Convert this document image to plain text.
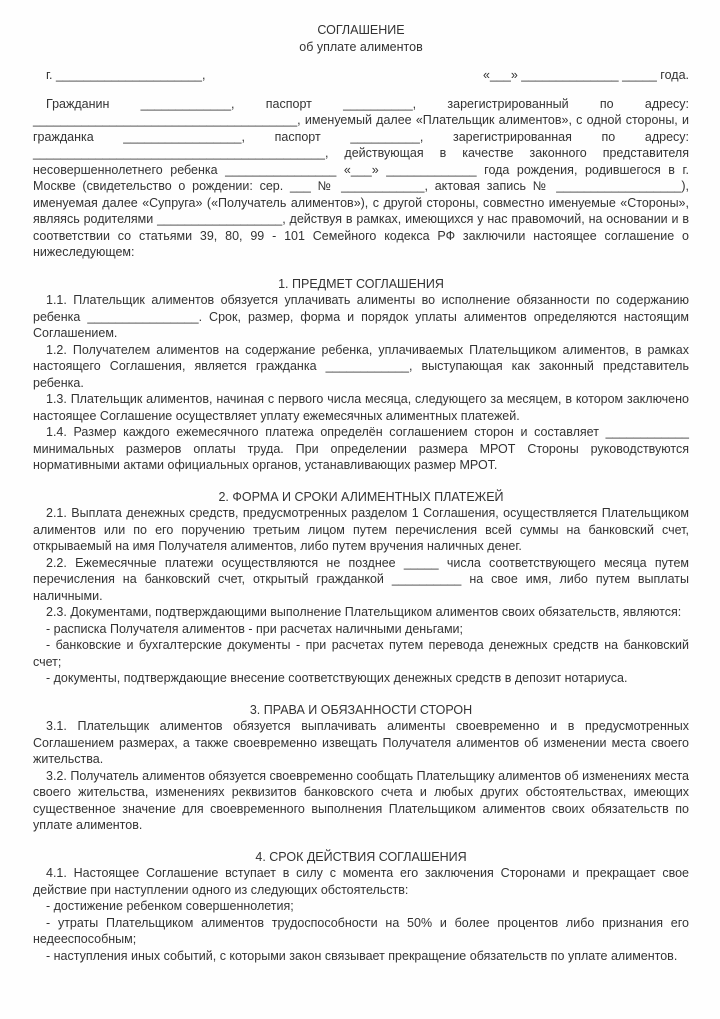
СОГЛАШЕНИЕ
об уплате алиментов
г. _____________________,	«___» ______________ _____ года.

Гражданин _____________, паспорт __________, зарегистрированный по адресу: ______________________________________, именуемый далее «Плательщик алиментов», с одной стороны, и гражданка _________________, паспорт __________, зарегистрированная по адресу: __________________________________________, действующая в качестве законного представителя несовершеннолетнего ребенка ________________ «___» _____________ года рождения, родившегося в г. Москве (свидетельство о рождении: сер. ___ № ____________, актовая запись № __________________), именуемая далее «Супруга» («Получатель алиментов»), с другой стороны, совместно именуемые «Стороны», являясь родителями __________________, действуя в рамках, имеющихся у нас правомочий, на основании и в соответствии со статьями 39, 80, 99 - 101 Семейного кодекса РФ заключили настоящее соглашение о нижеследующем:

1. ПРЕДМЕТ СОГЛАШЕНИЯ

1.1. Плательщик алиментов обязуется уплачивать алименты во исполнение обязанности по содержанию ребенка ________________. Срок, размер, форма и порядок уплаты алиментов определяются настоящим Соглашением.

1.2. Получателем алиментов на содержание ребенка, уплачиваемых Плательщиком алиментов, в рамках настоящего Соглашения, является гражданка ____________, выступающая как законный представитель ребенка.

1.3. Плательщик алиментов, начиная с первого числа месяца, следующего за месяцем, в котором заключено настоящее Соглашение осуществляет уплату ежемесячных алиментных платежей.

1.4. Размер каждого ежемесячного платежа определён соглашением сторон и составляет ____________ минимальных размеров оплаты труда. При определении размера МРОТ Стороны руководствуются нормативными актами официальных органов, устанавливающих размер МРОТ.

2. ФОРМА И СРОКИ АЛИМЕНТНЫХ ПЛАТЕЖЕЙ

2.1. Выплата денежных средств, предусмотренных разделом 1 Соглашения, осуществляется Плательщиком алиментов или по его поручению третьим лицом путем перечисления всей суммы на банковский счет, открываемый на имя Получателя алиментов, либо путем вручения наличных денег.

2.2. Ежемесячные платежи осуществляются не позднее _____ числа соответствующего месяца путем перечисления на банковский счет, открытый гражданкой __________ на свое имя, либо путем выплаты наличными.

2.3. Документами, подтверждающими выполнение Плательщиком алиментов своих обязательств, являются:

- расписка Получателя алиментов - при расчетах наличными деньгами;

- банковские и бухгалтерские документы - при расчетах путем перевода денежных средств на банковский счет;

- документы, подтверждающие внесение соответствующих денежных средств в депозит нотариуса.

3. ПРАВА И ОБЯЗАННОСТИ СТОРОН

3.1. Плательщик алиментов обязуется выплачивать алименты своевременно и в предусмотренных Соглашением размерах, а также своевременно извещать Получателя алиментов об изменении места своего жительства.

3.2. Получатель алиментов обязуется своевременно сообщать Плательщику алиментов об изменениях места своего жительства, изменениях реквизитов банковского счета и любых других обстоятельствах, имеющих существенное значение для своевременного выполнения Плательщиком алиментов своих обязательств по уплате алиментов.

4. СРОК ДЕЙСТВИЯ СОГЛАШЕНИЯ

4.1. Настоящее Соглашение вступает в силу с момента его заключения Сторонами и прекращает свое действие при наступлении одного из следующих обстоятельств:

- достижение ребенком совершеннолетия;

- утраты Плательщиком алиментов трудоспособности на 50% и более процентов либо признания его недееспособным;

- наступления иных событий, с которыми закон связывает прекращение обязательств по уплате алиментов.
